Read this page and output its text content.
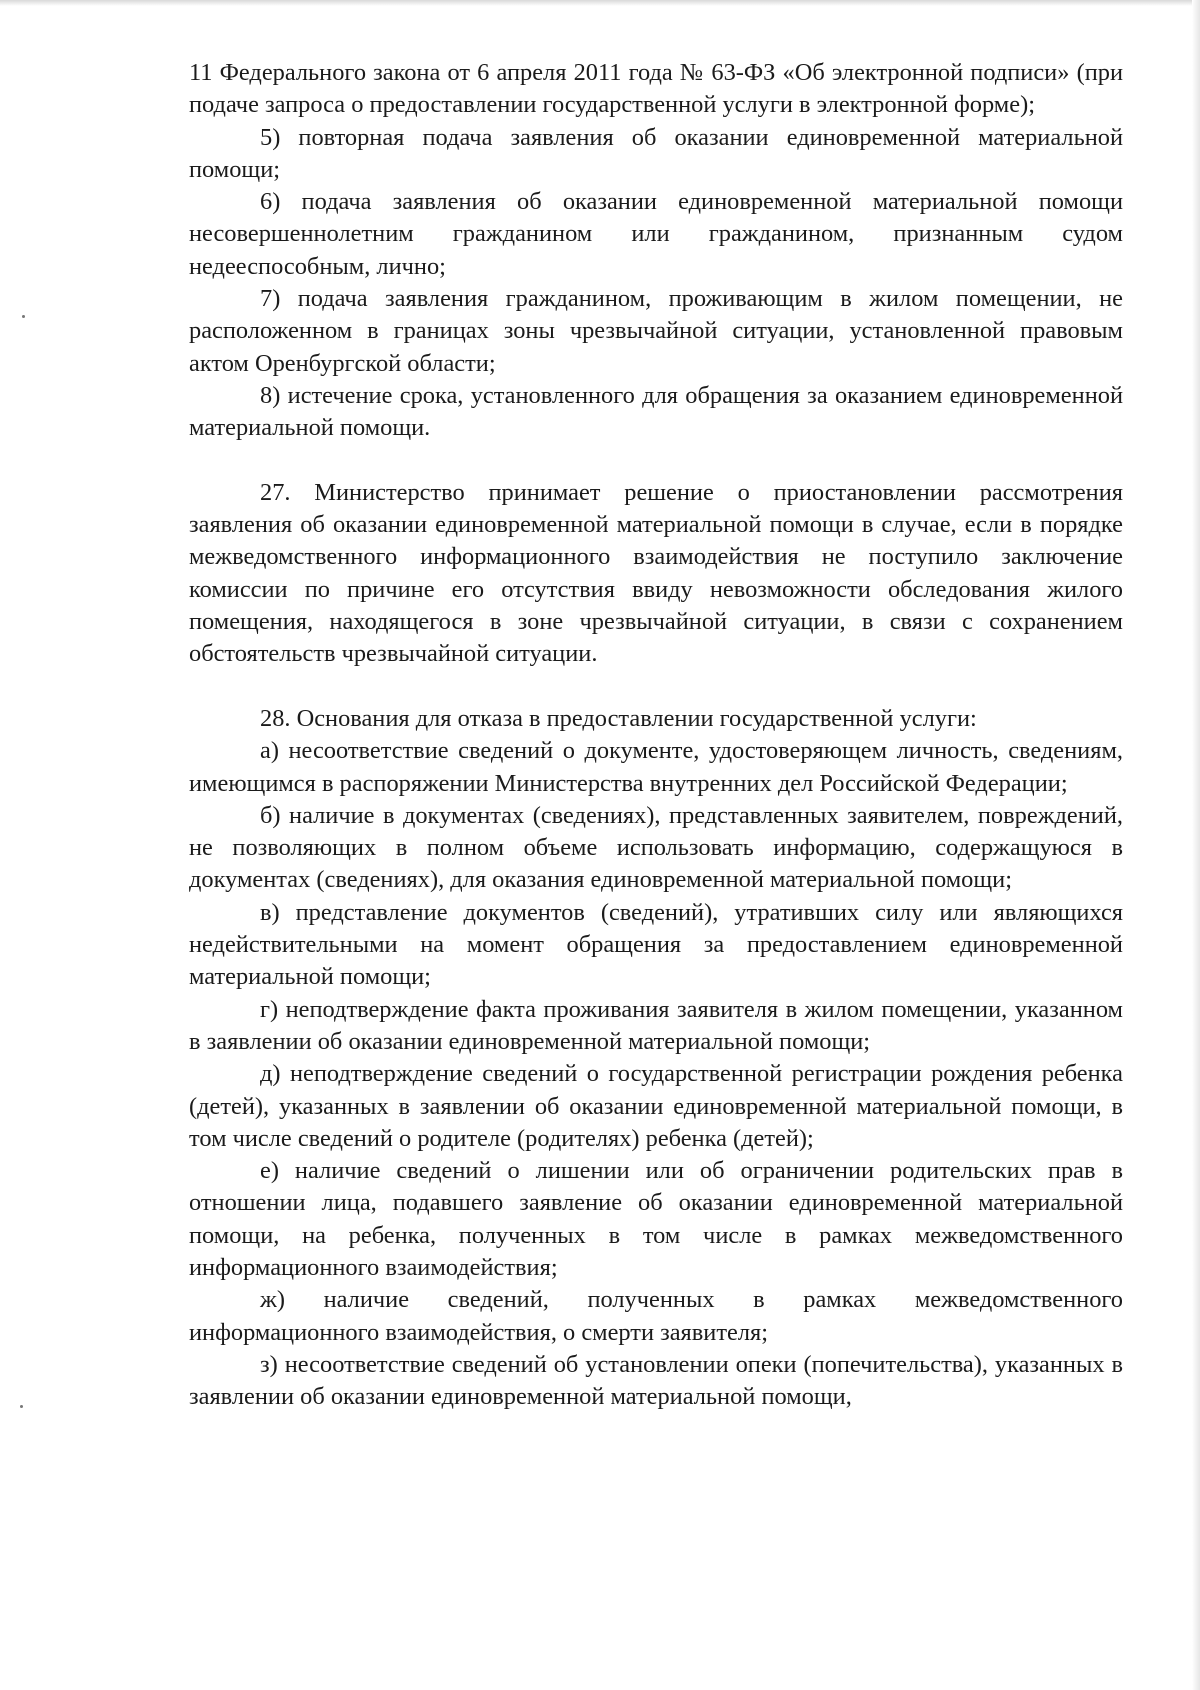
11 Федерального закона от 6 апреля 2011 года № 63-ФЗ «Об электронной подписи» (при подаче запроса о предоставлении государственной услуги в электронной форме);

5) повторная подача заявления об оказании единовременной материальной помощи;

6) подача заявления об оказании единовременной материальной помощи несовершеннолетним гражданином или гражданином, признанным судом недееспособным, лично;

7) подача заявления гражданином, проживающим в жилом помещении, не расположенном в границах зоны чрезвычайной ситуации, установленной правовым актом Оренбургской области;

8) истечение срока, установленного для обращения за оказанием единовременной материальной помощи.

27. Министерство принимает решение о приостановлении рассмотрения заявления об оказании единовременной материальной помощи в случае, если в порядке межведомственного информационного взаимодействия не поступило заключение комиссии по причине его отсутствия ввиду невозможности обследования жилого помещения, находящегося в зоне чрезвычайной ситуации, в связи с сохранением обстоятельств чрезвычайной ситуации.

28. Основания для отказа в предоставлении государственной услуги:

а) несоответствие сведений о документе, удостоверяющем личность, сведениям, имеющимся в распоряжении Министерства внутренних дел Российской Федерации;

б) наличие в документах (сведениях), представленных заявителем, повреждений, не позволяющих в полном объеме использовать информацию, содержащуюся в документах (сведениях), для оказания единовременной материальной помощи;

в) представление документов (сведений), утративших силу или являющихся недействительными на момент обращения за предоставлением единовременной материальной помощи;

г) неподтверждение факта проживания заявителя в жилом помещении, указанном в заявлении об оказании единовременной материальной помощи;

д) неподтверждение сведений о государственной регистрации рождения ребенка (детей), указанных в заявлении об оказании единовременной материальной помощи, в том числе сведений о родителе (родителях) ребенка (детей);

е) наличие сведений о лишении или об ограничении родительских прав в отношении лица, подавшего заявление об оказании единовременной материальной помощи, на ребенка, полученных в том числе в рамках межведомственного информационного взаимодействия;

ж) наличие сведений, полученных в рамках межведомственного информационного взаимодействия, о смерти заявителя;

з) несоответствие сведений об установлении опеки (попечительства), указанных в заявлении об оказании единовременной материальной помощи,
